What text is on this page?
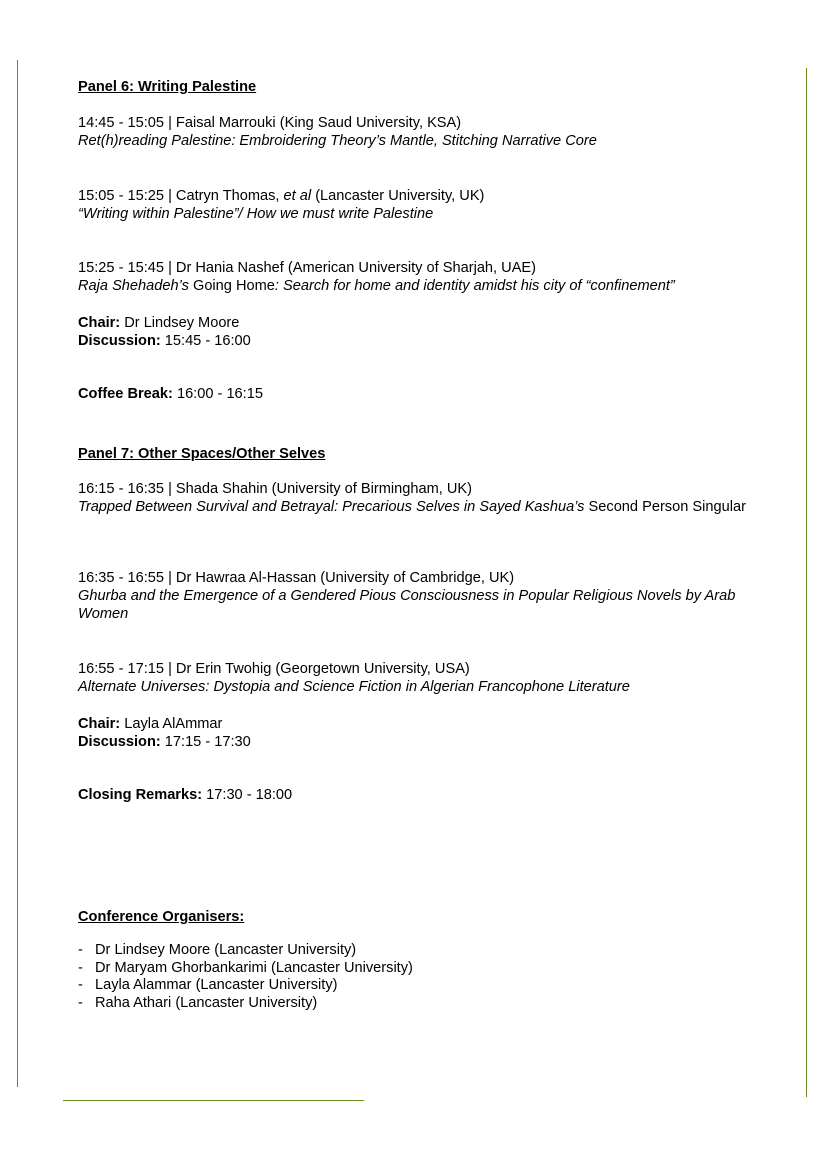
Panel 6: Writing Palestine
14:45 - 15:05 | Faisal Marrouki (King Saud University, KSA)
Ret(h)reading Palestine: Embroidering Theory’s Mantle, Stitching Narrative Core
15:05 - 15:25 | Catryn Thomas, et al (Lancaster University, UK)
“Writing within Palestine”/ How we must write Palestine
15:25 - 15:45 | Dr Hania Nashef (American University of Sharjah, UAE)
Raja Shehadeh’s Going Home: Search for home and identity amidst his city of “confinement”
Chair: Dr Lindsey Moore
Discussion: 15:45 - 16:00
Coffee Break: 16:00 - 16:15
Panel 7: Other Spaces/Other Selves
16:15 - 16:35 | Shada Shahin (University of Birmingham, UK)
Trapped Between Survival and Betrayal: Precarious Selves in Sayed Kashua’s Second Person Singular
16:35 - 16:55 | Dr Hawraa Al-Hassan (University of Cambridge, UK)
Ghurba and the Emergence of a Gendered Pious Consciousness in Popular Religious Novels by Arab Women
16:55 - 17:15 | Dr Erin Twohig (Georgetown University, USA)
Alternate Universes: Dystopia and Science Fiction in Algerian Francophone Literature
Chair: Layla AlAmmar
Discussion: 17:15 - 17:30
Closing Remarks: 17:30 - 18:00
Conference Organisers:
- Dr Lindsey Moore (Lancaster University)
- Dr Maryam Ghorbankarimi (Lancaster University)
- Layla Alammar (Lancaster University)
- Raha Athari (Lancaster University)
